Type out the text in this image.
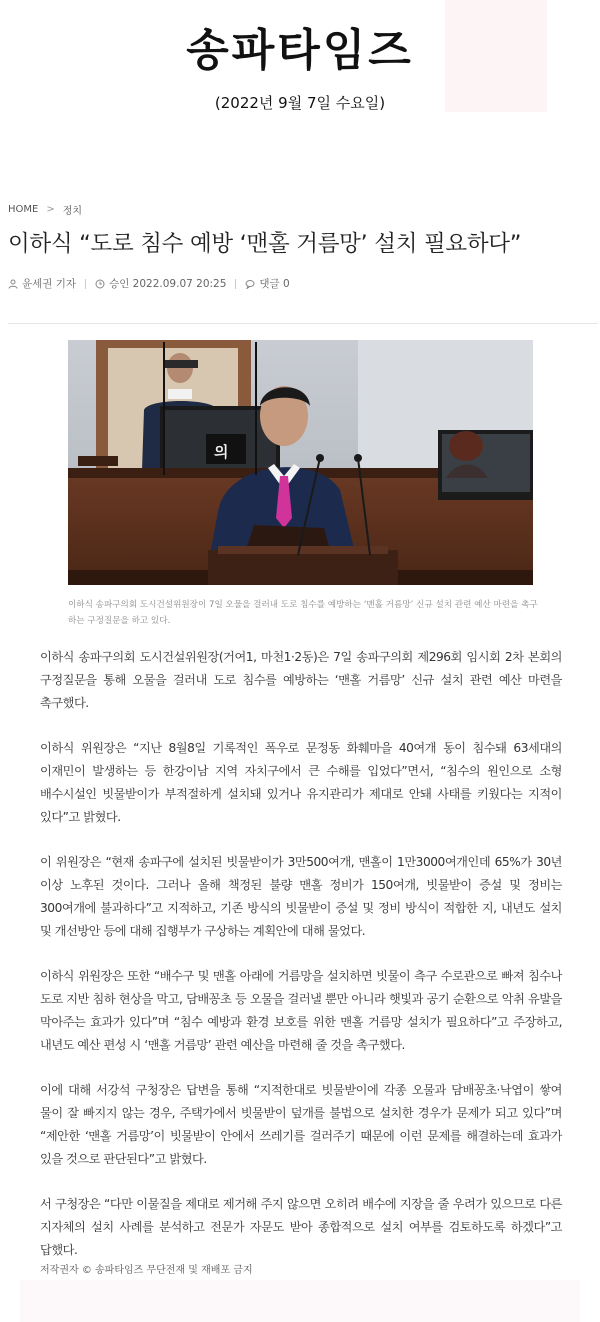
송파타임즈
(2022년 9월 7일 수요일)
HOME > 정치
이하식 “도로 침수 예방 ‘맨홀 거름망’ 설치 필요하다”
윤세권 기자	승인 2022.09.07 20:25	댓글 0
의
이하식 송파구의회 도시건설위원장이 7일 오물을 걸러내 도로 침수를 예방하는 ‘맨홀 거름망’ 신규 설치 관련 예산 마련을 촉구하는 구정질문을 하고 있다.

이하식 송파구의회 도시건설위원장(거여1, 마천1·2동)은 7일 송파구의회 제296회 임시회 2차 본회의 구정질문을 통해 오물을 걸러내 도로 침수를 예방하는 ‘맨홀 거름망’ 신규 설치 관련 예산 마련을 촉구했다.

이하식 위원장은 “지난 8월8일 기록적인 폭우로 문정동 화훼마을 40여개 동이 침수돼 63세대의 이재민이 발생하는 등 한강이남 지역 자치구에서 큰 수해를 입었다”면서, “침수의 원인으로 소형 배수시설인 빗물받이가 부적절하게 설치돼 있거나 유지관리가 제대로 안돼 사태를 키웠다는 지적이 있다”고 밝혔다.

이 위원장은 “현재 송파구에 설치된 빗물받이가 3만500여개, 맨홀이 1만3000여개인데 65%가 30년 이상 노후된 것이다. 그러나 올해 책정된 불량 맨홀 정비가 150여개, 빗물받이 증설 및 정비는 300여개에 불과하다”고 지적하고, 기존 방식의 빗물받이 증설 및 정비 방식이 적합한 지, 내년도 설치 및 개선방안 등에 대해 집행부가 구상하는 계획안에 대해 물었다.

이하식 위원장은 또한 “배수구 및 맨홀 아래에 거름망을 설치하면 빗물이 측구 수로관으로 빠져 침수나 도로 지반 침하 현상을 막고, 담배꽁초 등 오물을 걸러낼 뿐만 아니라 햇빛과 공기 순환으로 악취 유발을 막아주는 효과가 있다”며 “침수 예방과 환경 보호를 위한 맨홀 거름망 설치가 필요하다”고 주장하고, 내년도 예산 편성 시 ‘맨홀 거름망’ 관련 예산을 마련해 줄 것을 촉구했다.

이에 대해 서강석 구청장은 답변을 통해 “지적한대로 빗물받이에 각종 오물과 담배꽁초·낙엽이 쌓여 물이 잘 빠지지 않는 경우, 주택가에서 빗물받이 덮개를 불법으로 설치한 경우가 문제가 되고 있다”며 “제안한 ‘맨홀 거름망’이 빗물받이 안에서 쓰레기를 걸러주기 때문에 이런 문제를 해결하는데 효과가 있을 것으로 판단된다”고 밝혔다.

서 구청장은 “다만 이물질을 제대로 제거해 주지 않으면 오히려 배수에 지장을 줄 우려가 있으므로 다른 지자체의 설치 사례를 분석하고 전문가 자문도 받아 종합적으로 설치 여부를 검토하도록 하겠다”고 답했다.

저작권자 © 송파타임즈 무단전재 및 재배포 금지
